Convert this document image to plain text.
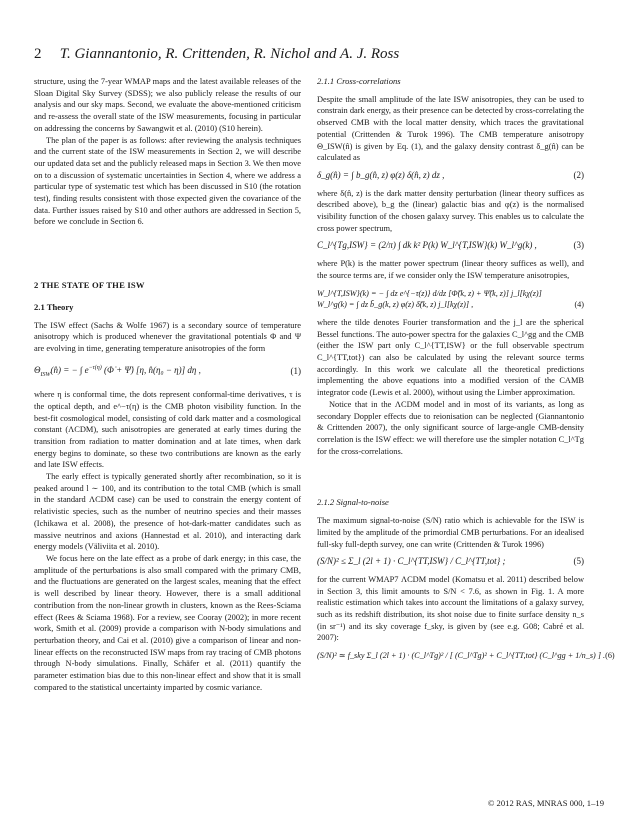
2 T. Giannantonio, R. Crittenden, R. Nichol and A. J. Ross

structure, using the 7-year WMAP maps and the latest available releases of the Sloan Digital Sky Survey (SDSS); we also publicly release the results of our analysis and our sky maps. Second, we evaluate the above-mentioned criticism and re-assess the overall state of the ISW measurements, focusing in particular on addressing the concerns by Sawangwit et al. (2010) (S10 herein).

The plan of the paper is as follows: after reviewing the analysis techniques and the current state of the ISW measurements in Section 2, we will describe our updated data set and the publicly released maps in Section 3. We then move on to a discussion of systematic uncertainties in Section 4, where we address a particular type of systematic test which has been discussed in S10 (the rotation test), finding results consistent with those expected given the covariance of the data. Further issues raised by S10 and other authors are addressed in Section 5, before we conclude in Section 6.

2 THE STATE OF THE ISW

2.1 Theory

The ISW effect (Sachs & Wolfe 1967) is a secondary source of temperature anisotropy which is produced whenever the gravitational potentials Φ and Ψ are evolving in time, generating temperature anisotropies of the form

$\Theta_{ISW}(n̂)$ = − ∫ $e^{-\tau(\eta)}$ (Φ̇ + Ψ̇) [η, n̂(η₀ − η)] dη ,	(1)

where η is conformal time, the dots represent conformal-time derivatives, τ is the optical depth, and e^−τ(η) is the CMB photon visibility function. In the best-fit cosmological model, consisting of cold dark matter and a cosmological constant (ΛCDM), such anisotropies are generated at early times during the transition from radiation to matter domination and at late times, when dark energy begins to dominate, so these two contributions are known as the early and late ISW effects.

The early effect is typically generated shortly after recombination, so it is peaked around l ∼ 100, and its contribution to the total CMB (which is small in the standard ΛCDM case) can be used to constrain the energy content of relativistic species, such as the number of neutrino species and their masses (Ichikawa et al. 2008), the presence of hot-dark-matter candidates such as massive neutrinos and axions (Hannestad et al. 2010), and interacting dark energy models (Väliviita et al. 2010).

We focus here on the late effect as a probe of dark energy; in this case, the amplitude of the perturbations is also small compared with the primary CMB, and the fluctuations are generated on the largest scales, meaning that the effect is well described by linear theory. However, there is a small additional contribution from the non-linear growth in clusters, known as the Rees-Sciama effect (Rees & Sciama 1968). For a review, see Cooray (2002); in more recent work, Smith et al. (2009) provide a comparison with N-body simulations and perturbation theory, and Cai et al. (2010) give a comparison of linear and non-linear effects on the reconstructed ISW maps from ray tracing of CMB photons through N-body simulations. Finally, Schäfer et al. (2011) quantify the parameter estimation bias due to this non-linear effect and show that it is small compared to the statistical uncertainty imparted by cosmic variance.

2.1.1 Cross-correlations

Despite the small amplitude of the late ISW anisotropies, they can be used to constrain dark energy, as their presence can be detected by cross-correlating the observed CMB with the local matter density, which traces the gravitational potential (Crittenden & Turok 1996). The CMB temperature anisotropy Θ_ISW(n̂) is given by Eq. (1), and the galaxy density contrast δ_g(n̂) can be calculated as

δ_g(n̂) = ∫ b_g(n̂, z) φ(z) δ(n̂, z) dz ,	(2)

where δ(n̂, z) is the dark matter density perturbation (linear theory suffices as described above), b_g the (linear) galactic bias and φ(z) is the normalised visibility function of the chosen galaxy survey. This enables us to calculate the cross power spectrum,

C_l^{Tg,ISW} = (2/π) ∫ dk k² P(k) W_l^{T,ISW}(k) W_l^g(k) ,	(3)

where P(k) is the matter power spectrum (linear theory suffices as well), and the source terms are, if we consider only the ISW temperature anisotropies,

W_l^{T,ISW}(k) = − ∫ dz e^{−τ(z)} d/dz [Φ̃(k, z) + Ψ̃(k, z)] j_l[kχ(z)]
W_l^g(k) = ∫ dz b̃_g(k, z) φ(z) δ̃(k, z) j_l[kχ(z)] ,	(4)

where the tilde denotes Fourier transformation and the j_l are the spherical Bessel functions. The auto-power spectra for the galaxies C_l^gg and the CMB (either the ISW part only C_l^{TT,ISW} or the full observable spectrum C_l^{TT,tot}) can also be calculated by using the relevant source terms accordingly. In this work we calculate all the theoretical predictions implementing the above equations into a modified version of the CAMB integrator code (Lewis et al. 2000), without using the Limber approximation.

Notice that in the ΛCDM model and in most of its variants, as long as secondary Doppler effects due to reionisation can be neglected (Giannantonio & Crittenden 2007), the only significant source of large-angle CMB-density correlation is the ISW effect: we will therefore use the simpler notation C_l^Tg for the cross-correlations.

2.1.2 Signal-to-noise

The maximum signal-to-noise (S/N) ratio which is achievable for the ISW is limited by the amplitude of the primordial CMB perturbations. For an idealised full-sky full-depth survey, one can write (Crittenden & Turok 1996)

(S/N)² ≤ Σ_l (2l + 1) · C_l^{TT,ISW} / C_l^{TT,tot} ;	(5)

for the current WMAP7 ΛCDM model (Komatsu et al. 2011) described below in Section 3, this limit amounts to S/N < 7.6, as shown in Fig. 1. A more realistic estimation which takes into account the limitations of a galaxy survey, such as its redshift distribution, its shot noise due to finite surface density n_s (in sr⁻¹) and its sky coverage f_sky, is given by (see e.g. G08; Cabré et al. 2007):

(S/N)² ≃ f_sky Σ_l (2l + 1) · (C_l^Tg)² / [ (C_l^Tg)² + C_l^{TT,tot} (C_l^gg + 1/n_s) ] . (6)
© 2012 RAS, MNRAS 000, 1–19
